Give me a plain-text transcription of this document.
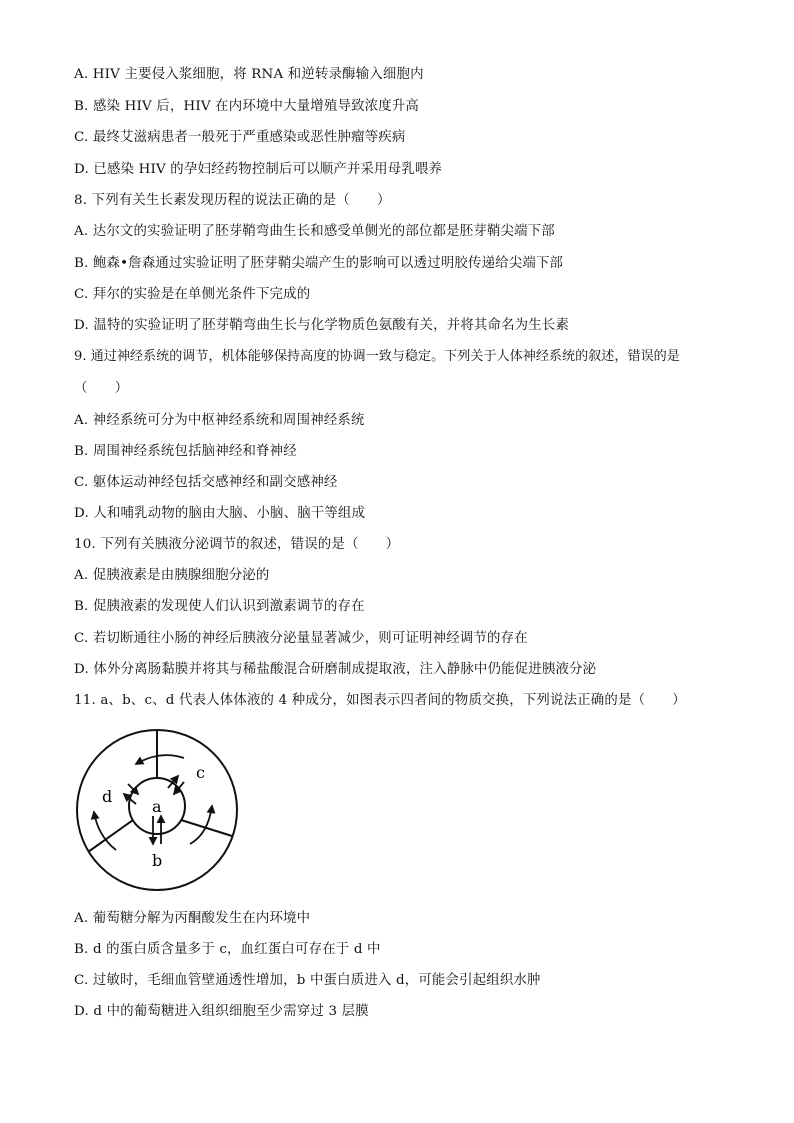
A. HIV 主要侵入浆细胞，将 RNA 和逆转录酶输入细胞内
B. 感染 HIV 后，HIV 在内环境中大量增殖导致浓度升高
C. 最终艾滋病患者一般死于严重感染或恶性肿瘤等疾病
D. 已感染 HIV 的孕妇经药物控制后可以顺产并采用母乳喂养
8. 下列有关生长素发现历程的说法正确的是（　　）
A. 达尔文的实验证明了胚芽鞘弯曲生长和感受单侧光的部位都是胚芽鞘尖端下部
B. 鲍森•詹森通过实验证明了胚芽鞘尖端产生的影响可以透过明胶传递给尖端下部
C. 拜尔的实验是在单侧光条件下完成的
D. 温特的实验证明了胚芽鞘弯曲生长与化学物质色氨酸有关，并将其命名为生长素
9. 通过神经系统的调节，机体能够保持高度的协调一致与稳定。下列关于人体神经系统的叙述，错误的是
（　　）
A. 神经系统可分为中枢神经系统和周围神经系统
B. 周围神经系统包括脑神经和脊神经
C. 躯体运动神经包括交感神经和副交感神经
D. 人和哺乳动物的脑由大脑、小脑、脑干等组成
10. 下列有关胰液分泌调节的叙述，错误的是（　　）
A. 促胰液素是由胰腺细胞分泌的
B. 促胰液素的发现使人们认识到激素调节的存在
C. 若切断通往小肠的神经后胰液分泌量显著减少，则可证明神经调节的存在
D. 体外分离肠黏膜并将其与稀盐酸混合研磨制成提取液，注入静脉中仍能促进胰液分泌
11. a、b、c、d 代表人体体液的 4 种成分，如图表示四者间的物质交换，下列说法正确的是（　　）
a
b
c
d
A. 葡萄糖分解为丙酮酸发生在内环境中
B. d 的蛋白质含量多于 c，血红蛋白可存在于 d 中
C. 过敏时，毛细血管壁通透性增加，b 中蛋白质进入 d，可能会引起组织水肿
D. d 中的葡萄糖进入组织细胞至少需穿过 3 层膜
